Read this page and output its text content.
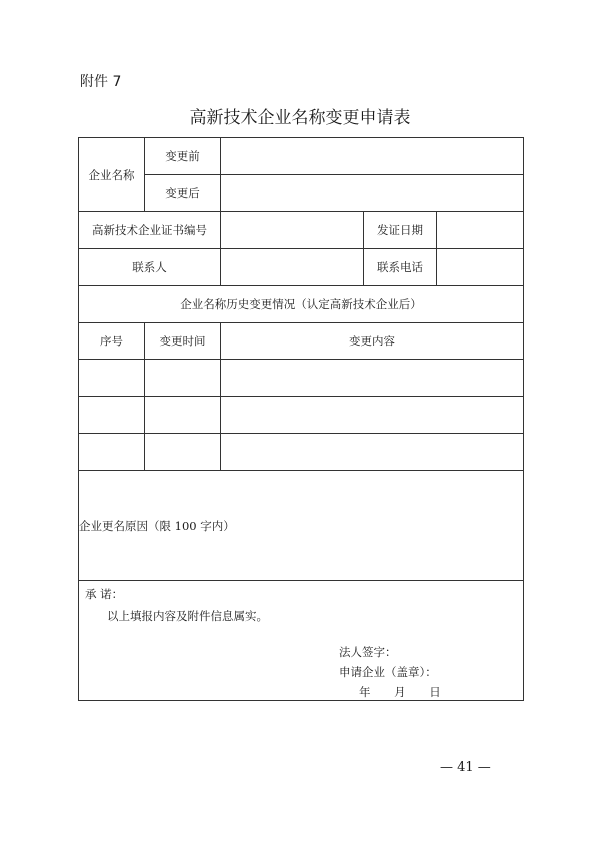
附件 7
高新技术企业名称变更申请表
企业名称	变更前			
	变更后			
高新技术企业证书编号			发证日期	
联系人			联系电话	
企业名称历史变更情况（认定高新技术企业后）				
序号	变更时间	变更内容		

企业更名原因（限 100 字内）				

承 诺：
以上填报内容及附件信息属实。
法人签字：
申请企业（盖章）：
年 月 日				
— 41 —
